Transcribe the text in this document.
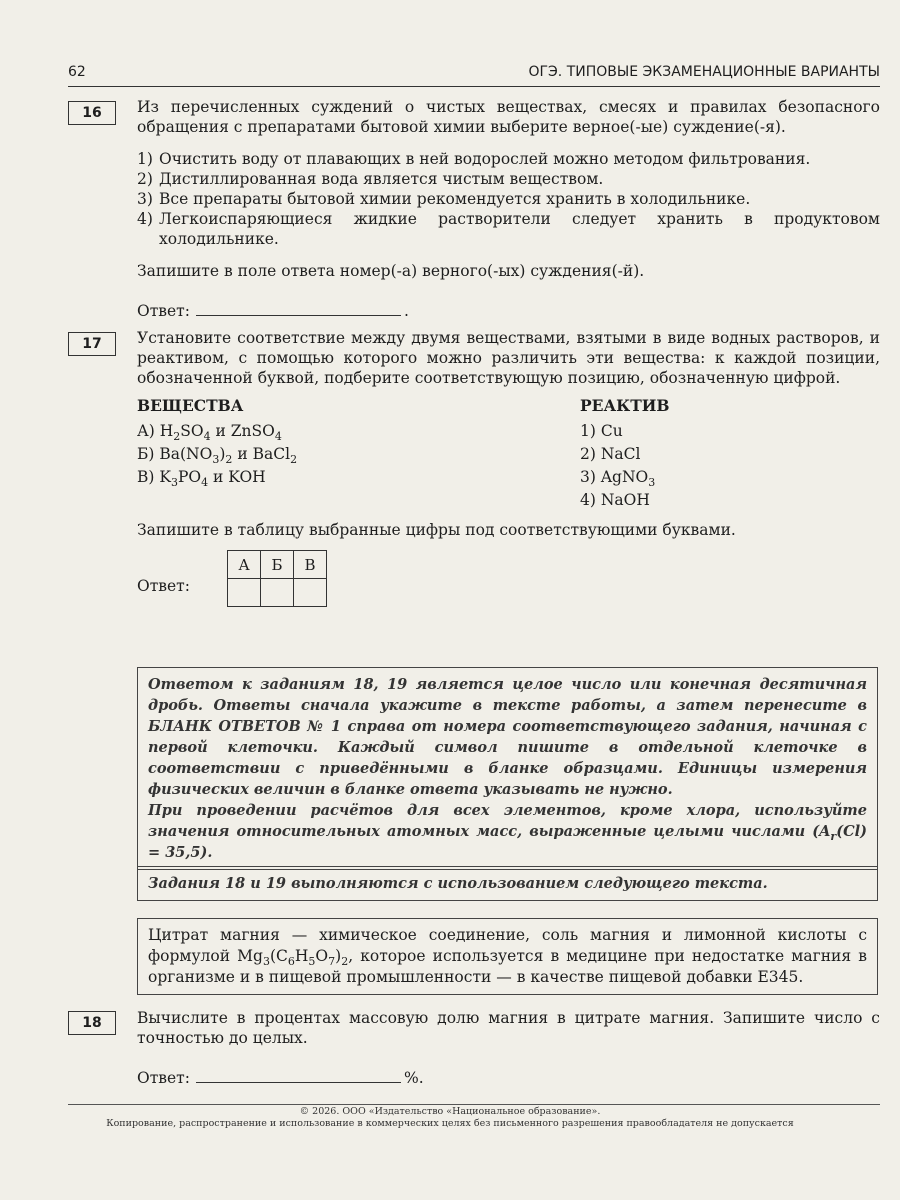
62	ОГЭ. ТИПОВЫЕ ЭКЗАМЕНАЦИОННЫЕ ВАРИАНТЫ
16	Из перечисленных суждений о чистых веществах, смесях и правилах безопасного обращения с препаратами бытовой химии выберите верное(-ые) суждение(-я).

1) Очистить воду от плавающих в ней водорослей можно методом фильтрования.
2) Дистиллированная вода является чистым веществом.
3) Все препараты бытовой химии рекомендуется хранить в холодильнике.
4) Легкоиспаряющиеся жидкие растворители следует хранить в продуктовом холодильнике.

Запишите в поле ответа номер(-а) верного(-ых) суждения(-й).

Ответ:	.

17	Установите соответствие между двумя веществами, взятыми в виде водных растворов, и реактивом, с помощью которого можно различить эти вещества: к каждой позиции, обозначенной буквой, подберите соответствующую позицию, обозначенную цифрой.

ВЕЩЕСТВА
А) $H_2SO_4$ и ZnSO$_4$
Б) $Ba(NO_3)_2$ и BaCl$_2$
В) $K_3PO_4$ и KOH
РЕАКТИВ
1) Cu
2) NaCl
3) AgNO$_3$
4) NaOH

Запишите в таблицу выбранные цифры под соответствующими буквами.

Ответ:
А	Б	В

Ответом к заданиям 18, 19 является целое число или конечная десятичная дробь. Ответы сначала укажите в тексте работы, а затем перенесите в БЛАНК ОТВЕТОВ № 1 справа от номера соответствующего задания, начиная с первой клеточки. Каждый символ пишите в отдельной клеточке в соответствии с приведёнными в бланке образцами. Единицы измерения физических величин в бланке ответа указывать не нужно.
При проведении расчётов для всех элементов, кроме хлора, используйте значения относительных атомных масс, выраженные целыми числами $(A_r(Cl) = 35,5)$.
Задания 18 и 19 выполняются с использованием следующего текста.
Цитрат магния — химическое соединение, соль магния и лимонной кислоты с формулой $Mg_3(C_6H_5O_7)_2$, которое используется в медицине при недостатке магния в организме и в пищевой промышленности — в качестве пищевой добавки Е345.
18	Вычислите в процентах массовую долю магния в цитрате магния. Запишите число с точностью до целых.

Ответ:	%.

© 2026. ООО «Издательство «Национальное образование».
Копирование, распространение и использование в коммерческих целях без письменного разрешения правообладателя не допускается
